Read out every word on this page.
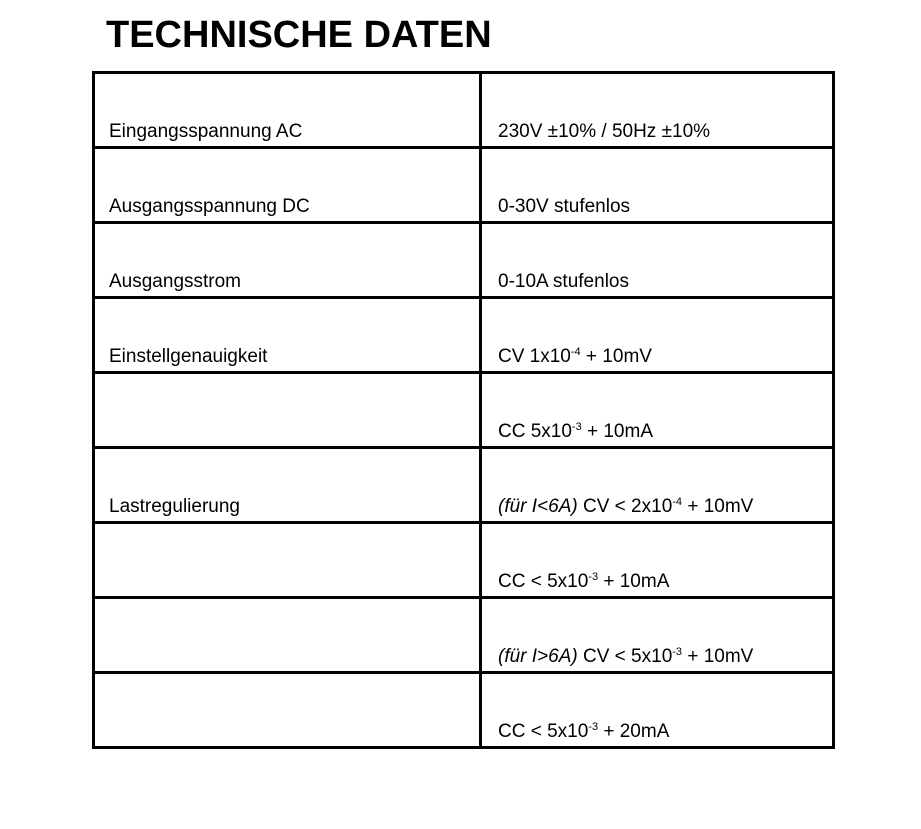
TECHNISCHE DATEN
Eingangsspannung AC	230V ±10% / 50Hz ±10%
Ausgangsspannung DC	0-30V stufenlos
Ausgangsstrom	0-10A stufenlos
Einstellgenauigkeit	CV $1x10^{-4} + 10mV$
	CC $5x10^{-3} + 10mA$
Lastregulierung	(für I<6A) CV < $2x10^{-4} + 10mV$
	CC < $5x10^{-3} + 10mA$
	(für I>6A) CV < $5x10^{-3} + 10mV$
	CC < $5x10^{-3} + 20mA$
